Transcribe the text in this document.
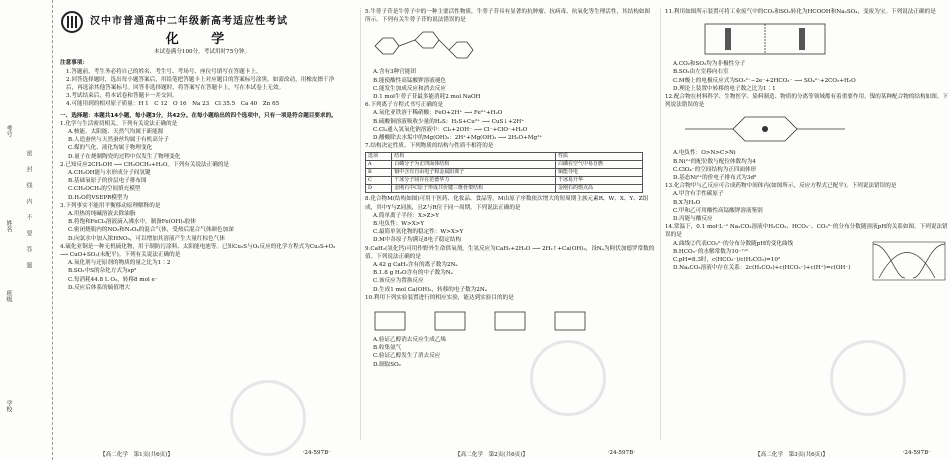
考号
姓名
班级
学校
密封线内不要答题
汉中市普通高中二年级新高考适应性考试
化 学
本试卷满分100分，考试用时75分钟。
注意事项：

1.答题前，考生务必将自己的姓名、考生号、考场号、座位号填写在答题卡上。

2.回答选择题时，选出每小题答案后，用铅笔把答题卡上对应题目的答案标号涂黑。如需改动，用橡皮擦干净后，再选涂其他答案标号。回答非选择题时，将答案写在答题卡上。写在本试卷上无效。

3.考试结束后，将本试卷和答题卡一并交回。

4.可能用到的相对原子质量：H 1　C 12　O 16　Na 23　Cl 35.5　Ca 40　Zn 65

一、选择题：本题共14小题，每小题3分，共42分。在每小题给出的四个选项中，只有一项是符合题目要求的。

1.化学与生活密切相关。下列有关说法正确的是

A.核能、太阳能、天然气均属于新能源

B.人造蚕丝与天然蚕丝均属于有机高分子

C.煤的气化、液化均属于物理变化

D.量子在烧制陶瓷的过程中仅发生了物理变化

2.已知反应2CH₃OH ⟶ CH₃OCH₃+H₂O。下列有关说法正确的是

A.CH₃OH能与水形成分子间氢键

B.基础氧原子的价层电子排布图

C.CH₃OCH₃的空间填充模型

D.H₂O的VSEPR模型为

3.下列事实不能用平衡移动原理解释的是

A.用热的纯碱溶液去除油脂

B.将饱和FeCl₃溶液滴入沸水中，制备Fe(OH)₃胶体

C.密闭烧瓶内的NO₂和N₂O₄的混合气体，受热后混合气体颜色加深

D.向氯水中加入浓HNO₃，可以增加其溶液产生大量红棕色气体

4.硫化亚铜是一种无机硫化物，用于制防污涂料、太阳能电池等。已知Cu₂S与O₂反应的化学方程式为Cu₂S+O₂ ⟶ CuO+SO₂(未配平)。下列有关说法正确的是

A.氧化剂与还原剂的物质的量之比为1∶2

B.SO₂中S的杂化方式为sp²

C.每消耗44.8 L O₂，转移8 mol e⁻

D.反应后体系的熵值增大

5.牛蒡子苷是牛蒡子中的一种主要活性物质，牛蒡子苷具有显著的抗肿瘤、抗病毒、抗氧化等生理活性，其结构如图所示。下列有关牛蒡子苷的说法错误的是

A.含有3种官能团

B.能使酸性高锰酸钾溶液褪色

C.能发生加成反应和消去反应

D.1 mol牛蒡子苷最多能消耗2 mol NaOH

6.下列离子方程式书写正确的是

A.氧化亚铁溶于稀硝酸：FeO+2H⁺ ⟶ Fe²⁺+H₂O

B.硫酸铜溶液吸收少量的H₂S：H₂S+Cu²⁺ ⟶ CuS↓+2H⁺

C.Cl₂通入氢氧化钠溶液中：Cl₂+2OH⁻ ⟶ Cl⁻+ClO⁻+H₂O

D.醋酸除去水垢中的Mg(OH)₂：2H⁺+Mg(OH)₂ ⟶ 2H₂O+Mg²⁺

7.结构决定性质。下列物质的结构与性质不相符的是

选项	结构	性质
A	白磷分子为正四面体结构	白磷在空气中易自燃
B	铜中含有自由电子和金属阳离子	铜能导电
C	干冰分子间存在范德华力	干冰易升华
D	金刚石中C原子形成共价键三维骨架结构	金刚石的熔点高

8.化合物M(结构如图)可用于医药、化妆品、食品等。M由原子序数依次增大的短周期主族元素R、W、X、Y、Z组成，其中Y与Z同族，且Z与R位于同一周期。下列说法正确的是

A.简单离子半径：X>Z>Y

B.电负性：W>X>Y

C.最简单氢化物的稳定性：W>X>Y

D.M中各原子均满足8电子稳定结构

9.CaH₂(氢化钙)可用作野外生命供氧剂，生氢反应为CaH₂+2H₂O ⟶ 2H₂↑+Ca(OH)₂，设Nₐ为阿伏加德罗常数的值。下列说法正确的是

A.42 g CaH₂含有的离子数为2Nₐ

B.1.8 g H₂O含有的中子数为Nₐ

C.该反应为置换反应

D.生成1 mol Ca(OH)₂，转移的电子数为2Nₐ

10.利用下列实验装置进行的相应实验，能达到实验目的的是

A.验证乙醇消去反应生成乙烯

B.收集氨气

C.验证乙醇发生了消去反应

D.制取SO₂

11.利用如图所示装置可将工业废气中的CO₂和SO₂转化为HCOOH和Na₂SO₄，变废为宝。下列说法正确的是

A.CO₂和SO₂均为非极性分子

B.SO₂由左室移向右室

C.M极上的电极反应式为SO₃²⁻−2e⁻+2HCO₃⁻ ⟶ SO₄²⁻+2CO₂+H₂O

D.理论上装置中转移的电子数之比为1∶1

12.配合物在材料科学、生物医学、染料制造、物质的分离等领域都有着重要作用。镍的某种配合物的结构如图。下列说法错误的是

A.电负性：O>N>C>Ni

B.Ni²⁺的配位数与配位体数均为4

C.ClO₄⁻的空间结构为正四面体形

D.基态Ni²⁺的价电子排布式为3d⁸

13.化合物甲与乙反应可合成药物中间体丙(如图所示，反应方程式已配平)。下列说法错误的是

A.甲含有手性碳原子

B.X为H₂O

C.甲和乙可用酸性高锰酸钾溶液鉴别

D.丙能与酸反应

14.常温下，0.1 mol·L⁻¹ Na₂CO₃溶液中H₂CO₃、HCO₃⁻、CO₃²⁻的分布分数随溶液pH的关系如图。下列说法错误的是

A.曲线②代表CO₃²⁻的分布分数随pH的变化曲线

B.HCO₃⁻的水解常数为10⁻⁷·⁶

C.pH=8.3时，c(HCO₃⁻)/c(H₂CO₃)=10²

D.Na₂CO₃溶液中存在关系：2c(H₂CO₃)+c(HCO₃⁻)+c(H⁺)=c(OH⁻)

【高二化学　第1页(共6页)】	·24-597B·	【高二化学　第2页(共6页)】	·24-597B·	【高二化学　第3页(共6页)】	·24-597B·
